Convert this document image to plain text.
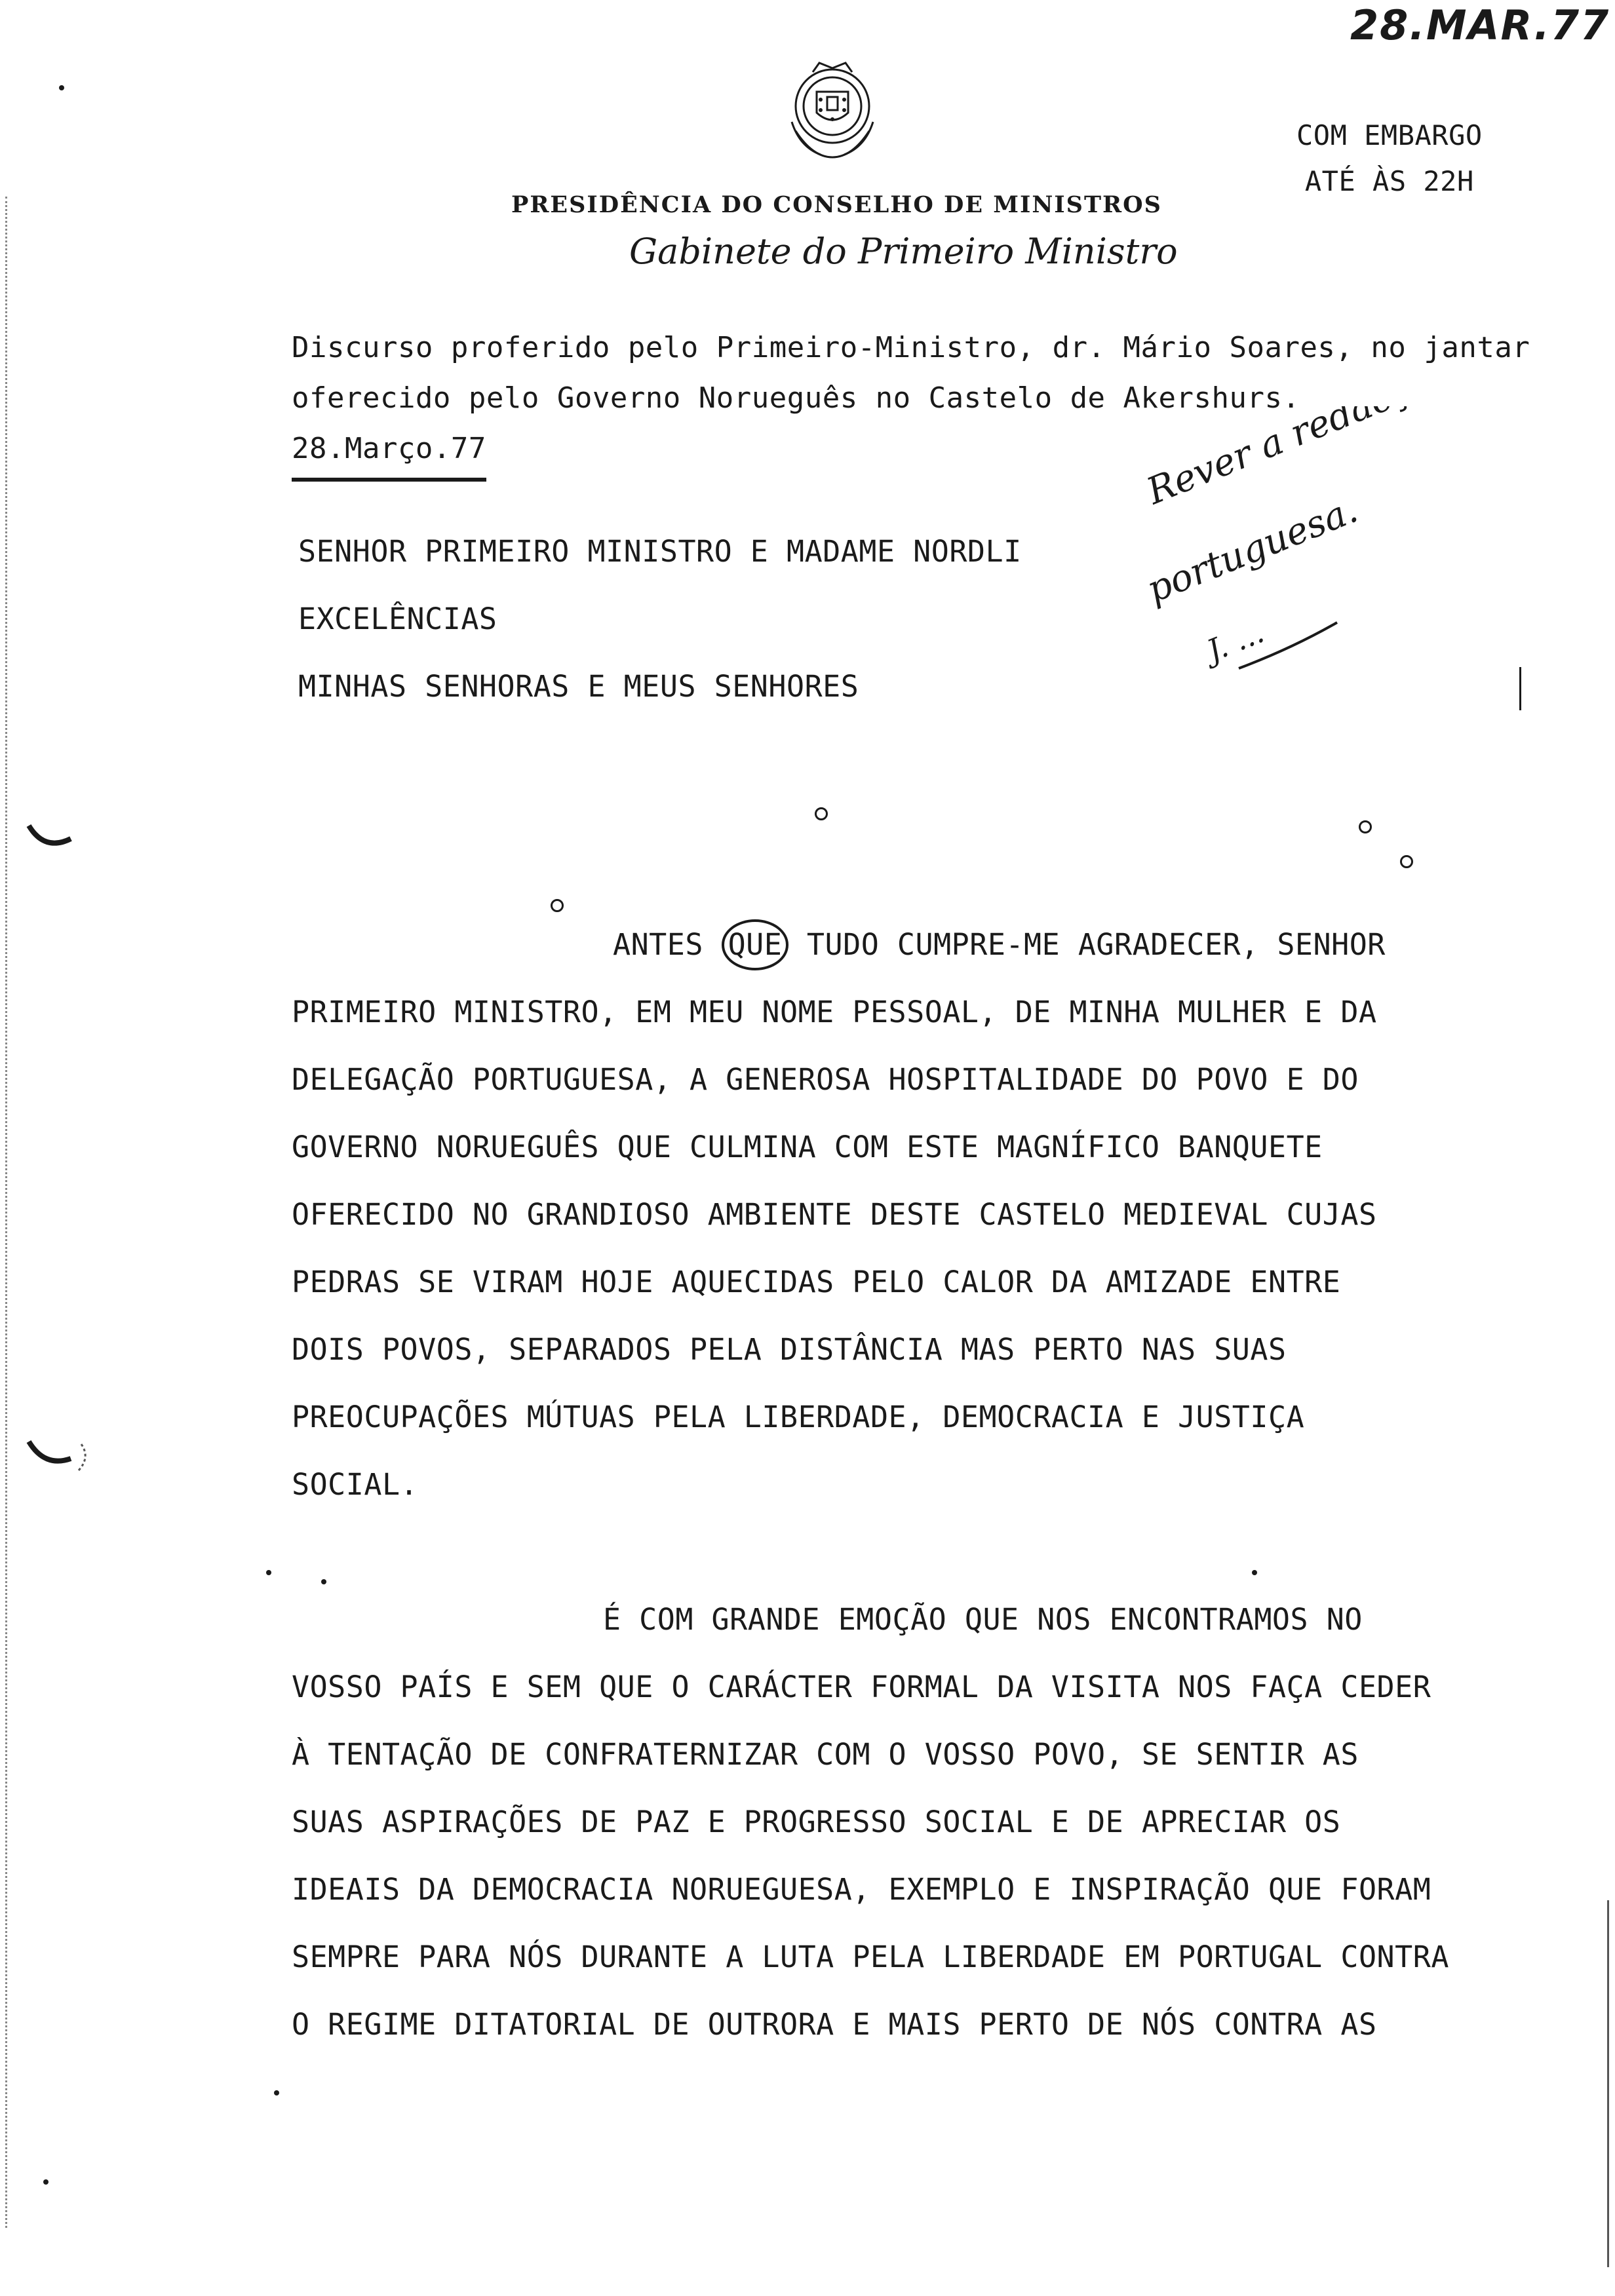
28.MAR.77
COM EMBARGO
ATÉ ÀS 22H
PRESIDÊNCIA DO CONSELHO DE MINISTROS
Gabinete do Primeiro Ministro
Discurso proferido pelo Primeiro-Ministro, dr. Mário Soares, no jantar
oferecido pelo Governo Norueguês no Castelo de Akershurs.
28.Março.77	Rever a redacção
portuguesa.
J. ...
SENHOR PRIMEIRO MINISTRO E MADAME NORDLI
EXCELÊNCIAS
MINHAS SENHORAS E MEUS SENHORES
ANTES QUE TUDO CUMPRE-ME AGRADECER, SENHOR
PRIMEIRO MINISTRO, EM MEU NOME PESSOAL, DE MINHA MULHER E DA
DELEGAÇÃO PORTUGUESA, A GENEROSA HOSPITALIDADE DO POVO E DO
GOVERNO NORUEGUÊS QUE CULMINA COM ESTE MAGNÍFICO BANQUETE
OFERECIDO NO GRANDIOSO AMBIENTE DESTE CASTELO MEDIEVAL CUJAS
PEDRAS SE VIRAM HOJE AQUECIDAS PELO CALOR DA AMIZADE ENTRE
DOIS POVOS, SEPARADOS PELA DISTÂNCIA MAS PERTO NAS SUAS
PREOCUPAÇÕES MÚTUAS PELA LIBERDADE, DEMOCRACIA E JUSTIÇA
SOCIAL.
É COM GRANDE EMOÇÃO QUE NOS ENCONTRAMOS NO
VOSSO PAÍS E SEM QUE O CARÁCTER FORMAL DA VISITA NOS FAÇA CEDER
À TENTAÇÃO DE CONFRATERNIZAR COM O VOSSO POVO, SE SENTIR AS
SUAS ASPIRAÇÕES DE PAZ E PROGRESSO SOCIAL E DE APRECIAR OS
IDEAIS DA DEMOCRACIA NORUEGUESA, EXEMPLO E INSPIRAÇÃO QUE FORAM
SEMPRE PARA NÓS DURANTE A LUTA PELA LIBERDADE EM PORTUGAL CONTRA
O REGIME DITATORIAL DE OUTRORA E MAIS PERTO DE NÓS CONTRA AS
